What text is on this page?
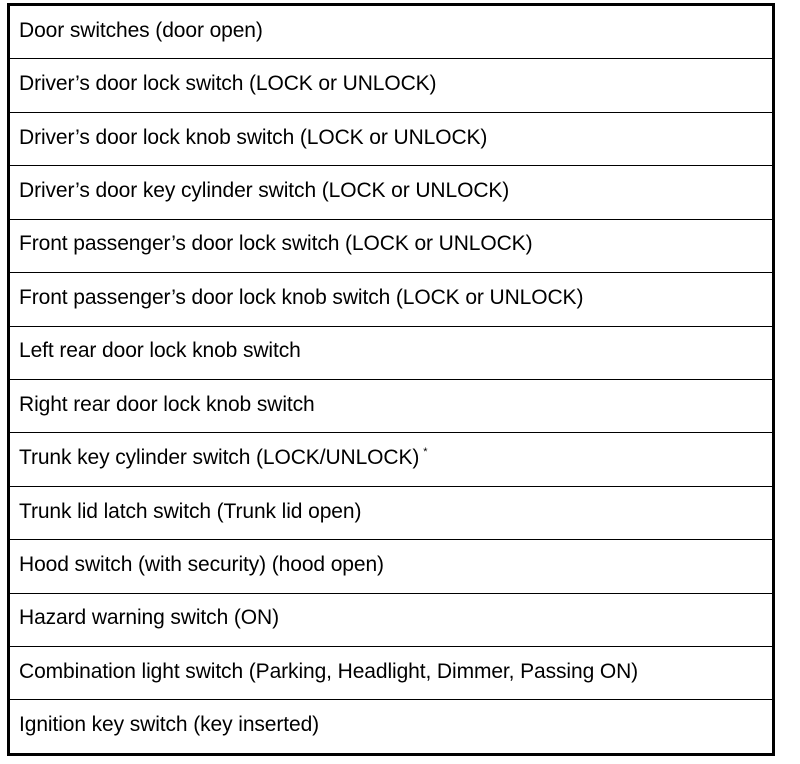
Door switches (door open)
Driver’s door lock switch (LOCK or UNLOCK)
Driver’s door lock knob switch (LOCK or UNLOCK)
Driver’s door key cylinder switch (LOCK or UNLOCK)
Front passenger’s door lock switch (LOCK or UNLOCK)
Front passenger’s door lock knob switch (LOCK or UNLOCK)
Left rear door lock knob switch
Right rear door lock knob switch
Trunk key cylinder switch (LOCK/UNLOCK) *
Trunk lid latch switch (Trunk lid open)
Hood switch (with security) (hood open)
Hazard warning switch (ON)
Combination light switch (Parking, Headlight, Dimmer, Passing ON)
Ignition key switch (key inserted)
